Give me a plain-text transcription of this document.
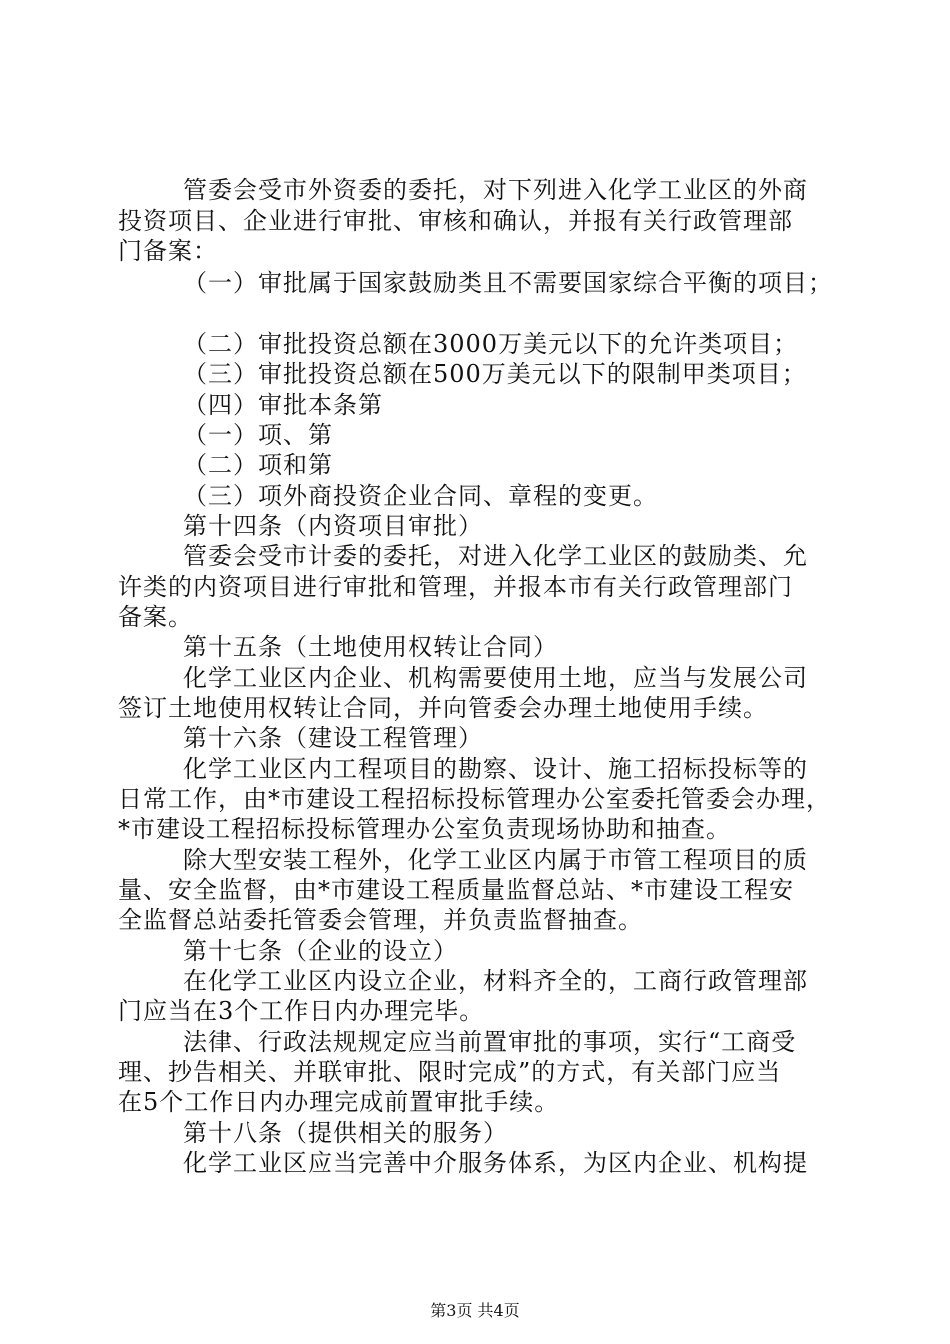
管委会受市外资委的委托，对下列进入化学工业区的外商
投资项目、企业进行审批、审核和确认，并报有关行政管理部
门备案：
（一）审批属于国家鼓励类且不需要国家综合平衡的项目；
（二）审批投资总额在3000万美元以下的允许类项目；
（三）审批投资总额在500万美元以下的限制甲类项目；
（四）审批本条第
（一）项、第
（二）项和第
（三）项外商投资企业合同、章程的变更。
第十四条（内资项目审批）
管委会受市计委的委托，对进入化学工业区的鼓励类、允
许类的内资项目进行审批和管理，并报本市有关行政管理部门
备案。
第十五条（土地使用权转让合同）
化学工业区内企业、机构需要使用土地，应当与发展公司
签订土地使用权转让合同，并向管委会办理土地使用手续。
第十六条（建设工程管理）
化学工业区内工程项目的勘察、设计、施工招标投标等的
日常工作，由*市建设工程招标投标管理办公室委托管委会办理，
*市建设工程招标投标管理办公室负责现场协助和抽查。
除大型安装工程外，化学工业区内属于市管工程项目的质
量、安全监督，由*市建设工程质量监督总站、*市建设工程安
全监督总站委托管委会管理，并负责监督抽查。
第十七条（企业的设立）
在化学工业区内设立企业，材料齐全的，工商行政管理部
门应当在3个工作日内办理完毕。
法律、行政法规规定应当前置审批的事项，实行“工商受
理、抄告相关、并联审批、限时完成”的方式，有关部门应当
在5个工作日内办理完成前置审批手续。
第十八条（提供相关的服务）
化学工业区应当完善中介服务体系，为区内企业、机构提
第3页 共4页
